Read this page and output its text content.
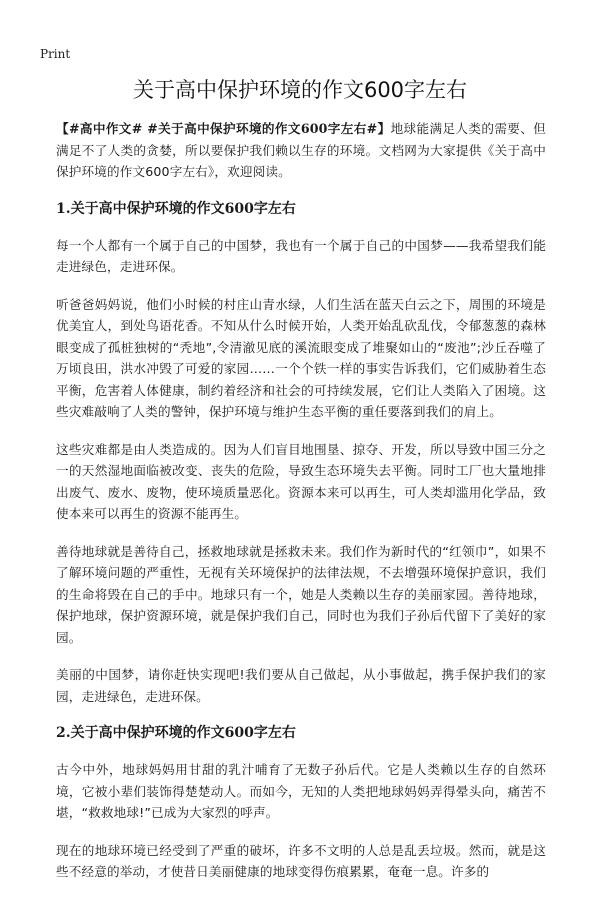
Print
关于高中保护环境的作文600字左右

【#高中作文# #关于高中保护环境的作文600字左右#】地球能满足人类的需要、但满足不了人类的贪婪，所以要保护我们赖以生存的环境。文档网为大家提供《关于高中保护环境的作文600字左右》，欢迎阅读。

1.关于高中保护环境的作文600字左右

每一个人都有一个属于自己的中国梦，我也有一个属于自己的中国梦——我希望我们能走进绿色，走进环保。

听爸爸妈妈说，他们小时候的村庄山青水绿，人们生活在蓝天白云之下，周围的环境是优美宜人，到处鸟语花香。不知从什么时候开始，人类开始乱砍乱伐，令郁葱葱的森林眼变成了孤桩独树的“秃地”,令清澈见底的溪流眼变成了堆聚如山的“废池”;沙丘吞噬了万顷良田，洪水冲毁了可爱的家园……一个个铁一样的事实告诉我们，它们威胁着生态平衡，危害着人体健康，制约着经济和社会的可持续发展，它们让人类陷入了困境。这些灾难敲响了人类的警钟，保护环境与维护生态平衡的重任要落到我们的肩上。

这些灾难都是由人类造成的。因为人们盲目地围垦、掠夺、开发，所以导致中国三分之一的天然湿地面临被改变、丧失的危险，导致生态环境失去平衡。同时工厂也大量地排出废气、废水、废物，使环境质量恶化。资源本来可以再生，可人类却滥用化学品，致使本来可以再生的资源不能再生。

善待地球就是善待自己，拯救地球就是拯救未来。我们作为新时代的“红领巾”，如果不了解环境问题的严重性，无视有关环境保护的法律法规，不去增强环境保护意识，我们的生命将毁在自己的手中。地球只有一个，她是人类赖以生存的美丽家园。善待地球，保护地球，保护资源环境，就是保护我们自己，同时也为我们子孙后代留下了美好的家园。

美丽的中国梦，请你赶快实现吧!我们要从自己做起，从小事做起，携手保护我们的家园，走进绿色，走进环保。

2.关于高中保护环境的作文600字左右

古今中外，地球妈妈用甘甜的乳汁哺育了无数子孙后代。它是人类赖以生存的自然环境，它被小辈们装饰得楚楚动人。而如今，无知的人类把地球妈妈弄得晕头向，痛苦不堪，“救救地球!”已成为大家烈的呼声。

现在的地球环境已经受到了严重的破坏，许多不文明的人总是乱丢垃圾。然而，就是这些不经意的举动，才使昔日美丽健康的地球变得伤痕累累，奄奄一息。许多的
